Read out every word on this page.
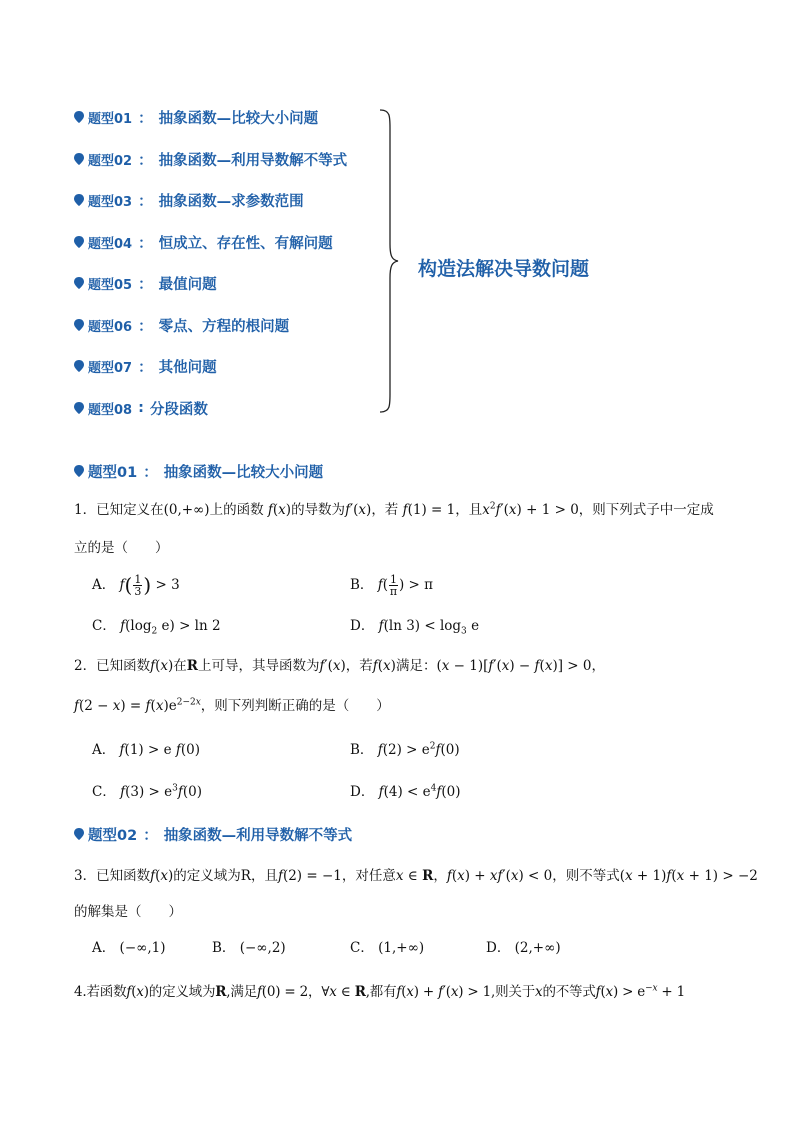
题型01 ： 抽象函数—比较大小问题
题型02 ： 抽象函数—利用导数解不等式
题型03 ： 抽象函数—求参数范围
题型04 ： 恒成立、存在性、有解问题
题型05 ： 最值问题
题型06 ： 零点、方程的根问题
题型07 ： 其他问题
题型08 : 分段函数
构造法解决导数问题
题型01 ： 抽象函数—比较大小问题
1．已知定义在(0,+∞)上的函数 f(x)的导数为f′(x)，若 f(1) = 1，且$x^2f'(x) + 1 > 0$，则下列式子中一定成
立的是（　　）
A． $f( \frac{1}{3}$ ) > 3	B． $f( \frac{1}{\pi}$ ) > π
C． $f(\log_2$ e) > ln 2	D． f(ln $3) < \log_3 e$
2．已知函数f(x)在R上可导，其导函数为f′(x)，若f(x)满足：(x − 1)[f′(x) − f(x)] > 0，
$f(2 - x) = f(x)e^{2-2x}$，则下列判断正确的是（　　）
A． f(1) > e f(0)	B． $f(2) > e^2f(0)$
C． $f(3) > e^3f(0)$	D． $f(4) < e^4f(0)$
题型02 ： 抽象函数—利用导数解不等式
3．已知函数f(x)的定义域为R，且f(2) = −1，对任意x ∈ R，f(x) + xf′(x) < 0，则不等式(x + 1)f(x + 1) > −2
的解集是（　　）
A． (−∞,1)	B． (−∞,2)	C． (1,+∞)	D． (2,+∞)
4.若函数f(x)的定义域为R,满足f(0) = 2，∀x ∈ R,都有f(x) + f′(x) > 1,则关于x的不等式$f(x) > e^{-x} + 1$
